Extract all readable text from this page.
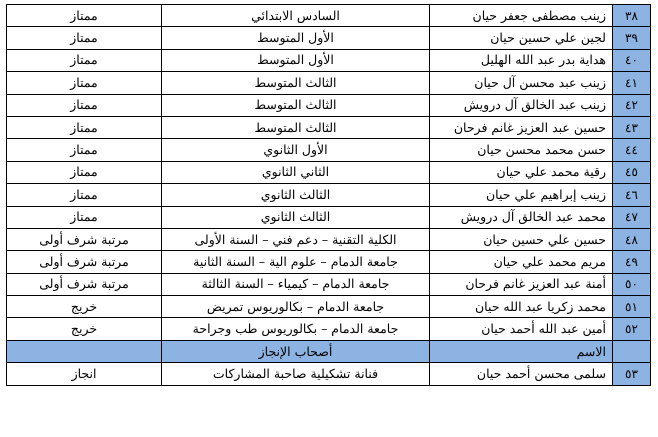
ممتاز	السادس الابتدائي	زينب مصطفى جعفر حيان	٣٨
ممتاز	الأول المتوسط	لجين علي حسين حيان	٣٩
ممتاز	الأول المتوسط	هداية بدر عبد الله الهليل	٤٠
ممتاز	الثالث المتوسط	زينب عبد محسن آل حيان	٤١
ممتاز	الثالث المتوسط	زينب عبد الخالق آل درويش	٤٢
ممتاز	الثالث المتوسط	حسين عبد العزيز غانم فرحان	٤٣
ممتاز	الأول الثانوي	حسن محمد محسن حيان	٤٤
ممتاز	الثاني الثانوي	رقية محمد علي حيان	٤٥
ممتاز	الثالث الثانوي	زينب إبراهيم علي حيان	٤٦
ممتاز	الثالث الثانوي	محمد عبد الخالق آل درويش	٤٧
مرتبة شرف أولى	الكلية التقنية – دعم فني – السنة الأولى	حسين علي حسين حيان	٤٨
مرتبة شرف أولى	جامعة الدمام – علوم الية – السنة الثانية	مريم محمد علي حيان	٤٩
مرتبة شرف أولى	جامعة الدمام – كيمياء – السنة الثالثة	أمنة عبد العزيز غانم فرحان	٥٠
خريج	جامعة الدمام – بكالوريوس تمريض	محمد زكريا عبد الله حيان	٥١
خريج	جامعة الدمام – بكالوريوس طب وجراحة	أمين عبد الله أحمد حيان	٥٢
	أصحاب الإنجاز	الاسم	
انجاز	فنانة تشكيلية صاحبة المشاركات	سلمى محسن أحمد حيان	٥٣
